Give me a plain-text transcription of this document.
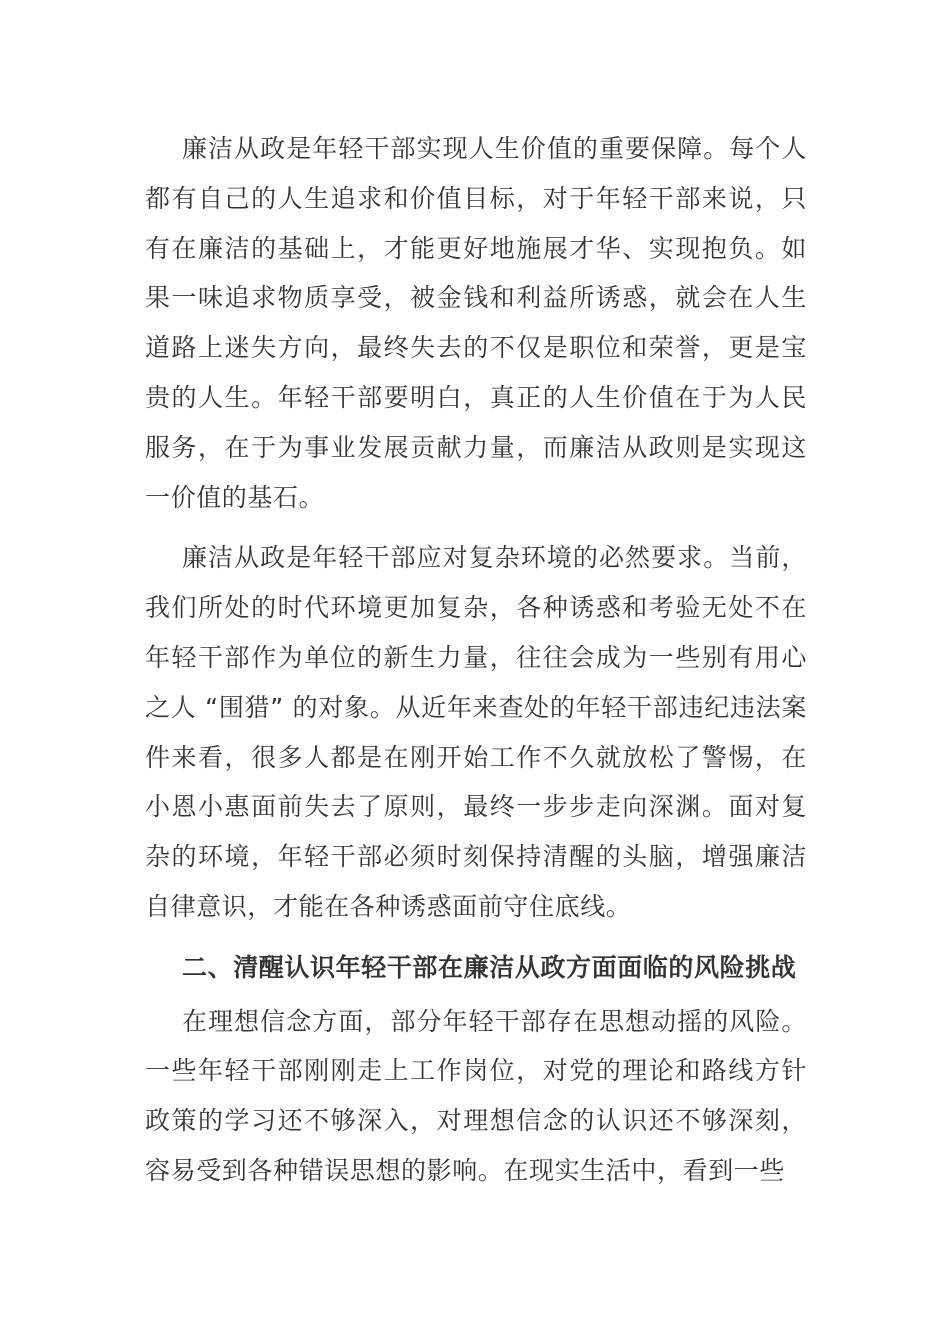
廉洁从政是年轻干部实现人生价值的重要保障。每个人都有自己的人生追求和价值目标，对于年轻干部来说，只有在廉洁的基础上，才能更好地施展才华、实现抱负。如果一味追求物质享受，被金钱和利益所诱惑，就会在人生道路上迷失方向，最终失去的不仅是职位和荣誉，更是宝贵的人生。年轻干部要明白，真正的人生价值在于为人民服务，在于为事业发展贡献力量，而廉洁从政则是实现这一价值的基石。

廉洁从政是年轻干部应对复杂环境的必然要求。当前，我们所处的时代环境更加复杂，各种诱惑和考验无处不在年轻干部作为单位的新生力量，往往会成为一些别有用心之人 “围猎” 的对象。从近年来查处的年轻干部违纪违法案件来看，很多人都是在刚开始工作不久就放松了警惕，在小恩小惠面前失去了原则，最终一步步走向深渊。面对复杂的环境，年轻干部必须时刻保持清醒的头脑，增强廉洁自律意识，才能在各种诱惑面前守住底线。

二、清醒认识年轻干部在廉洁从政方面面临的风险挑战

在理想信念方面，部分年轻干部存在思想动摇的风险。一些年轻干部刚刚走上工作岗位，对党的理论和路线方针政策的学习还不够深入，对理想信念的认识还不够深刻，容易受到各种错误思想的影响。在现实生活中，看到一些
